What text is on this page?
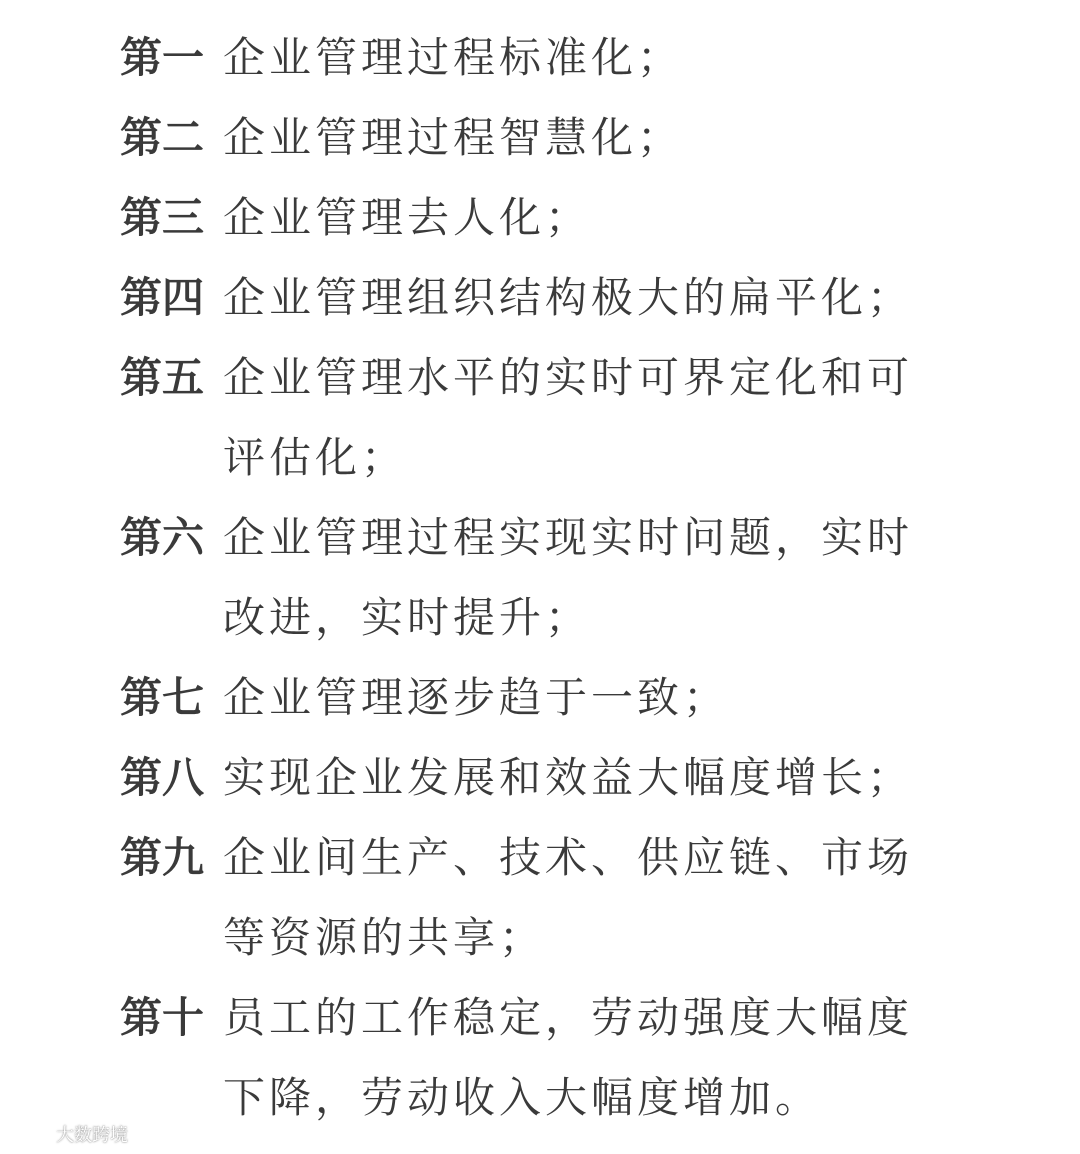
第一 企业管理过程标准化；
第二 企业管理过程智慧化；
第三 企业管理去人化；
第四 企业管理组织结构极大的扁平化；
第五 企业管理水平的实时可界定化和可评估化；
第六 企业管理过程实现实时问题，实时改进，实时提升；
第七 企业管理逐步趋于一致；
第八 实现企业发展和效益大幅度增长；
第九 企业间生产、技术、供应链、市场等资源的共享；
第十 员工的工作稳定，劳动强度大幅度下降，劳动收入大幅度增加。
大数跨境
